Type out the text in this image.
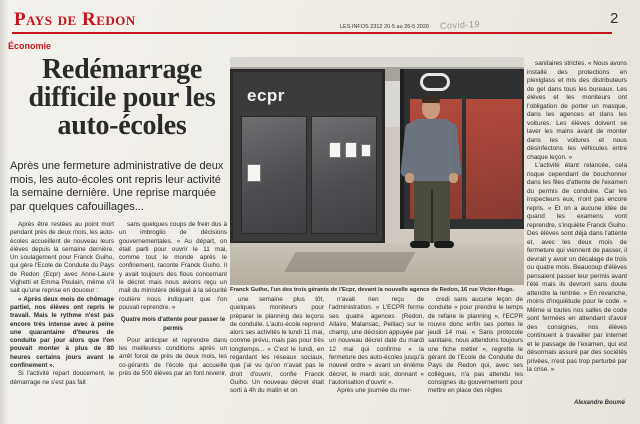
Pays de Redon	LES INFOS 2312 20-5 au 26-5 2020	2
Covid-19
Économie
Redémarrage difficile pour les auto-écoles
Après une fermeture administrative de deux mois, les auto-écoles ont repris leur activité la semaine dernière. Une reprise marquée par quelques cafouillages...

Après être restées au point mort pendant près de deux mois, les auto-écoles accueillent de nouveau leurs élèves depuis la semaine dernière. Un soulagement pour Franck Guiho, qui gère l'Ecole de Conduite du Pays de Redon (Ecpr) avec Anne-Laure Vighetti et Emma Poulain, même s'il sait qu'une reprise en douceur :

« Après deux mois de chômage partiel, nos élèves ont repris le travail. Mais le rythme n'est pas encore très intense avec à peine une quarantaine d'heures de conduite par jour alors que l'on pouvait monter à plus de 80 heures certains jours avant le confinement ».

Si l'activité repart doucement, le démarrage ne s'est pas fait

sans quelques coups de frein dus à un imbroglio de décisions gouvernementales. « Au départ, on était parti pour ouvrir le 11 mai, comme tout le monde après le confinement, raconte Franck Guiho. Il y avait toujours des flous concernant le décret mais nous avions reçu un mail du ministère délégué à la sécurité routière nous indiquant que l'on pouvait reprendre. »

Quatre mois d'attente pour passer le permis

Pour anticiper et reprendre dans les meilleures conditions après un arrêt forcé de près de deux mois, les co-gérants de l'école qui accueille près de 500 élèves par an font revenir,

ecpr
Franck Guiho, l'un des trois gérants de l'Ecpr, devant la nouvelle agence de Redon, 16 rue Victor-Hugo.

une semaine plus tôt, quelques moniteurs pour préparer le planning des leçons de conduite. L'auto-école reprend alors ses activités le lundi 11 mai, comme prévu, mais pas pour très longtemps... « C'est le lundi, en regardant les réseaux sociaux, que j'ai vu qu'on n'avait pas le droit d'ouvrir, confie Franck Guiho. Un nouveau décret était sorti à 4h du matin et on

n'avait rien reçu de l'administration. » L'ECPR ferme ses quatre agences (Redon, Allaire, Malansac, Peillac) sur le champ, une décision appuyée par un nouveau décret daté du mardi 12 mai qui confirme « la fermeture des auto-écoles jusqu'à nouvel ordre » avant un énième décret, le mardi soir, donnant « l'autorisation d'ouvrir ».

Après une journée du mer-

credi sans aucune leçon de conduite « pour prendre le temps de refaire le planning », l'ECPR rouvre donc enfin ses portes le jeudi 14 mai. « Sans protocole sanitaire, nous attendons toujours une fiche métier », regrette le gérant de l'Ecole de Conduite du Pays de Redon qui, avec ses collègues, n'a pas attendu les consignes du gouvernement pour mettre en place des règles

sanitaires strictes. « Nous avons installé des protections en plexiglass et mis des distributeurs de gel dans tous les bureaux. Les élèves et les moniteurs ont l'obligation de porter un masque, dans les agences et dans les voitures. Les élèves doivent se laver les mains avant de monter dans les voitures et nous désinfectons les véhicules entre chaque leçon. »

L'activité étant relancée, cela risque cependant de bouchonner dans les files d'attente de l'examen du permis de conduire. Car les inspecteurs eux, n'ont pas encore repris. « Et on a aucune idée de quand les examens vont reprendre, s'inquiète Franck Guiho. Des élèves sont déjà dans l'attente et, avec les deux mois de fermeture qui viennent de passer, il devrait y avoir un décalage de trois ou quatre mois. Beaucoup d'élèves pensaient passer leur permis avant l'été mais ils devront sans doute attendre la rentrée. » En revanche, moins d'inquiétude pour le code. « Même si toutes nos salles de code sont fermées en attendant d'avoir des consignes, nos élèves continuent à travailler par internet et le passage de l'examen, qui est désormais assuré par des sociétés privées, n'est pas trop perturbé par la crise. »

Alexandre Boumé
